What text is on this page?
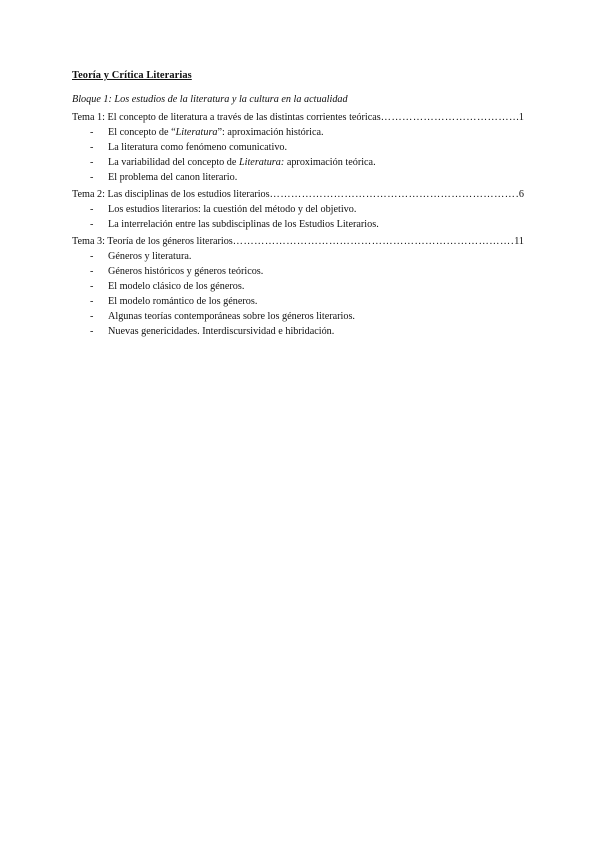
Teoría y Crítica Literarias

Bloque 1: Los estudios de la literatura y la cultura en la actualidad

Tema 1: El concepto de literatura a través de las distintas corrientes teóricas ………………………………………………………………………………………………………………………………………………	1
- El concepto de “Literatura”: aproximación histórica.
- La literatura como fenómeno comunicativo.
- La variabilidad del concepto de Literatura: aproximación teórica.
- El problema del canon literario.
Tema 2: Las disciplinas de los estudios literarios ………………………………………………………………………………………………………………………………………………	6
- Los estudios literarios: la cuestión del método y del objetivo.
- La interrelación entre las subdisciplinas de los Estudios Literarios.
Tema 3: Teoría de los géneros literarios ………………………………………………………………………………………………………………………………………………	11
- Géneros y literatura.
- Géneros históricos y géneros teóricos.
- El modelo clásico de los géneros.
- El modelo romántico de los géneros.
- Algunas teorías contemporáneas sobre los géneros literarios.
- Nuevas genericidades. Interdiscursividad e hibridación.
